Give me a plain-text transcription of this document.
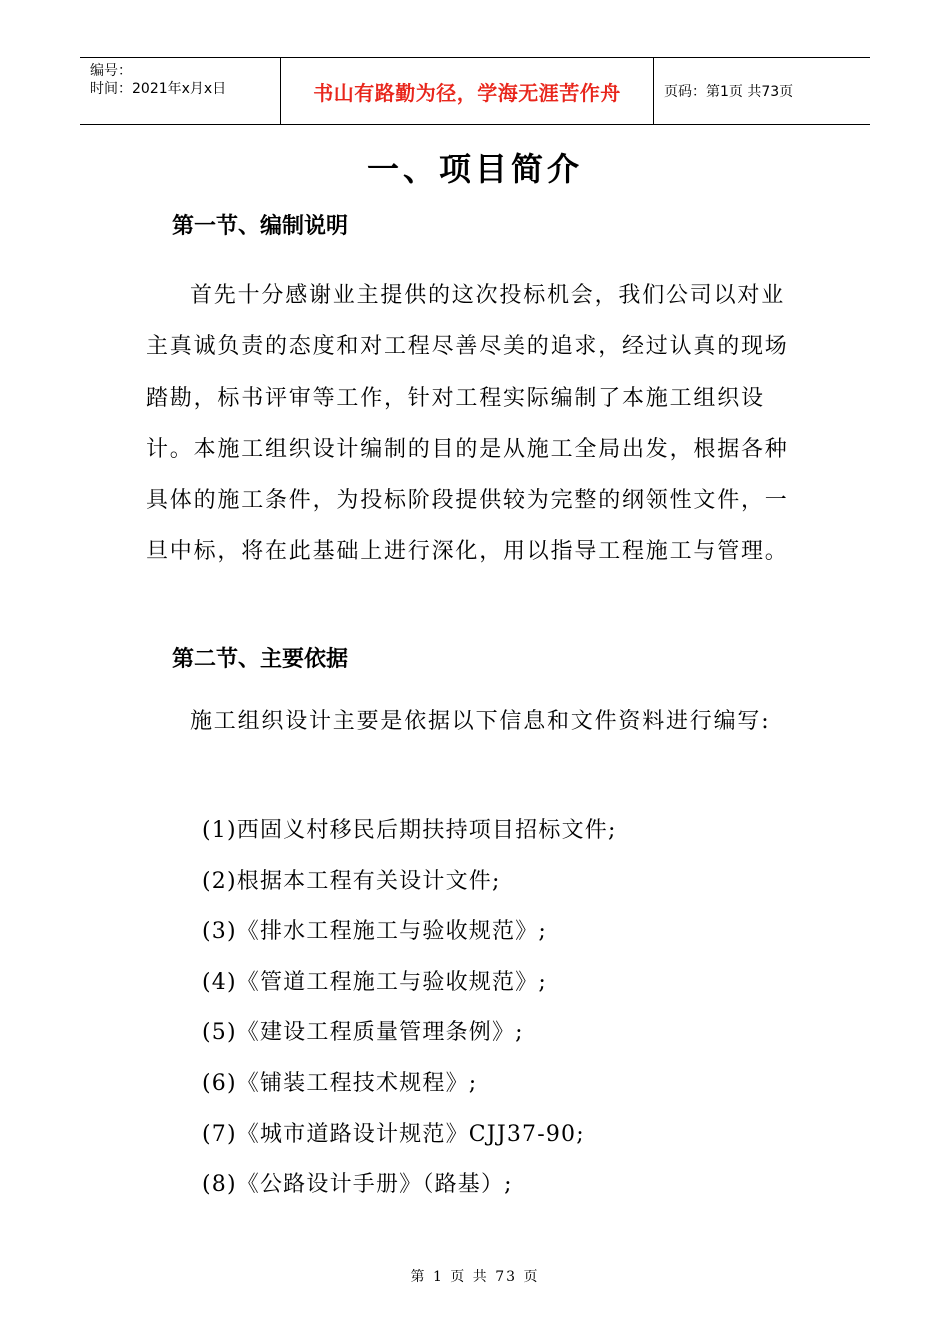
编号：
时间：2021年x月x日	书山有路勤为径，学海无涯苦作舟	页码：第1页 共73页
一、项目简介
第一节、编制说明

首先十分感谢业主提供的这次投标机会，我们公司以对业主真诚负责的态度和对工程尽善尽美的追求，经过认真的现场踏勘，标书评审等工作，针对工程实际编制了本施工组织设计。本施工组织设计编制的目的是从施工全局出发，根据各种具体的施工条件，为投标阶段提供较为完整的纲领性文件，一旦中标，将在此基础上进行深化，用以指导工程施工与管理。

第二节、主要依据

施工组织设计主要是依据以下信息和文件资料进行编写:

(1)西固义村移民后期扶持项目招标文件;

(2)根据本工程有关设计文件;

(3)《排水工程施工与验收规范》;

(4)《管道工程施工与验收规范》;

(5)《建设工程质量管理条例》;

(6)《铺装工程技术规程》;

(7)《城市道路设计规范》CJJ37-90;

(8)《公路设计手册》（路基）;

第 1 页 共 73 页
